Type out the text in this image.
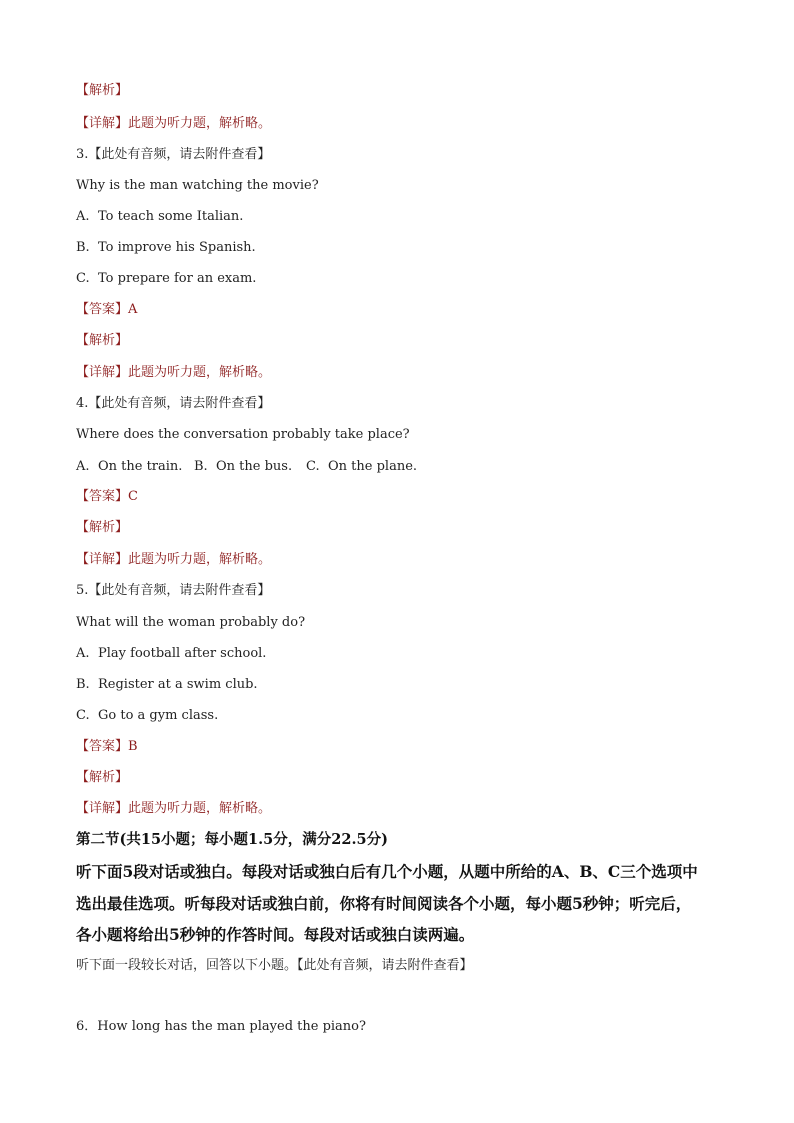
【解析】
【详解】此题为听力题，解析略。
3.【此处有音频，请去附件查看】
Why is the man watching the movie?
A. To teach some Italian.
B. To improve his Spanish.
C. To prepare for an exam.
【答案】A
【解析】
【详解】此题为听力题，解析略。
4.【此处有音频，请去附件查看】
Where does the conversation probably take place?
A. On the train. B. On the bus. C. On the plane.
【答案】C
【解析】
【详解】此题为听力题，解析略。
5.【此处有音频，请去附件查看】
What will the woman probably do?
A. Play football after school.
B. Register at a swim club.
C. Go to a gym class.
【答案】B
【解析】
【详解】此题为听力题，解析略。
第二节(共15小题；每小题1.5分，满分22.5分)
听下面5段对话或独白。每段对话或独白后有几个小题，从题中所给的A、B、C三个选项中
选出最佳选项。听每段对话或独白前，你将有时间阅读各个小题，每小题5秒钟；听完后，
各小题将给出5秒钟的作答时间。每段对话或独白读两遍。
听下面一段较长对话，回答以下小题。【此处有音频，请去附件查看】
6．How long has the man played the piano?
